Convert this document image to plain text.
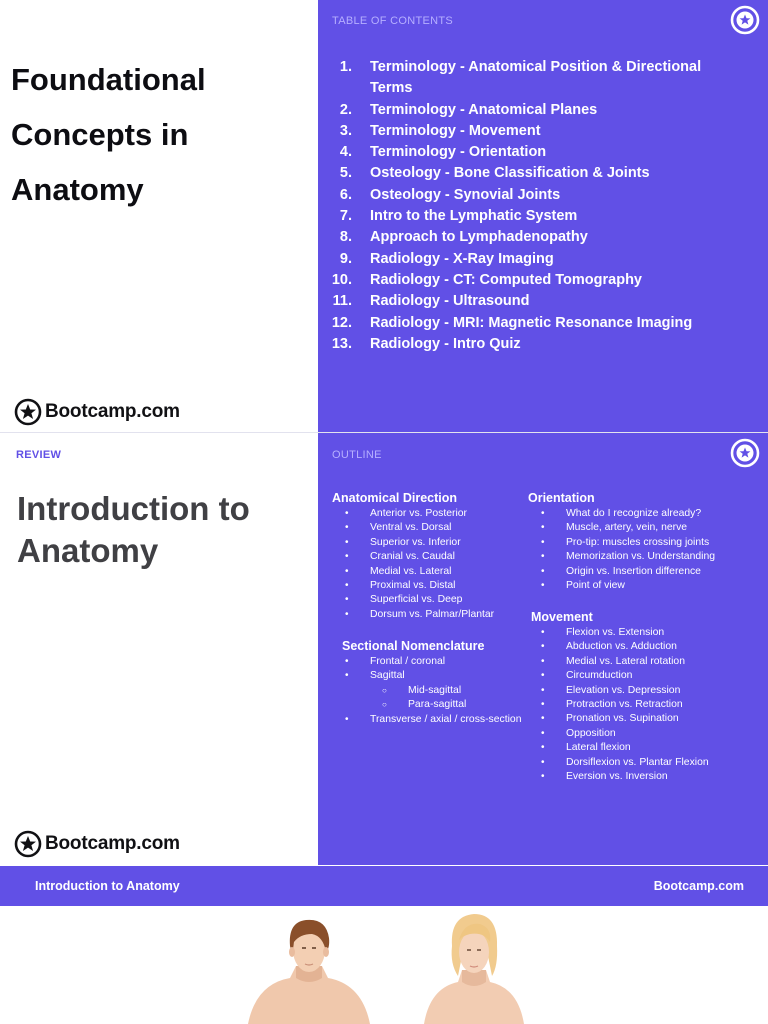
Foundational Concepts in Anatomy
Bootcamp.com
TABLE OF CONTENTS
1. Terminology - Anatomical Position & Directional Terms
2. Terminology - Anatomical Planes
3. Terminology - Movement
4. Terminology - Orientation
5. Osteology - Bone Classification & Joints
6. Osteology - Synovial Joints
7. Intro to the Lymphatic System
8. Approach to Lymphadenopathy
9. Radiology - X-Ray Imaging
10. Radiology - CT: Computed Tomography
11. Radiology - Ultrasound
12. Radiology - MRI: Magnetic Resonance Imaging
13. Radiology - Intro Quiz
REVIEW
Introduction to Anatomy
Bootcamp.com
OUTLINE
Anatomical Direction
• Anterior vs. Posterior
• Ventral vs. Dorsal
• Superior vs. Inferior
• Cranial vs. Caudal
• Medial vs. Lateral
• Proximal vs. Distal
• Superficial vs. Deep
• Dorsum vs. Palmar/Plantar
Sectional Nomenclature
• Frontal / coronal
• Sagittal
○ Mid-sagittal
○ Para-sagittal
• Transverse / axial / cross-section
Orientation
• What do I recognize already?
• Muscle, artery, vein, nerve
• Pro-tip: muscles crossing joints
• Memorization vs. Understanding
• Origin vs. Insertion difference
• Point of view
Movement
• Flexion vs. Extension
• Abduction vs. Adduction
• Medial vs. Lateral rotation
• Circumduction
• Elevation vs. Depression
• Protraction vs. Retraction
• Pronation vs. Supination
• Opposition
• Lateral flexion
• Dorsiflexion vs. Plantar Flexion
• Eversion vs. Inversion
Introduction to Anatomy	Bootcamp.com
